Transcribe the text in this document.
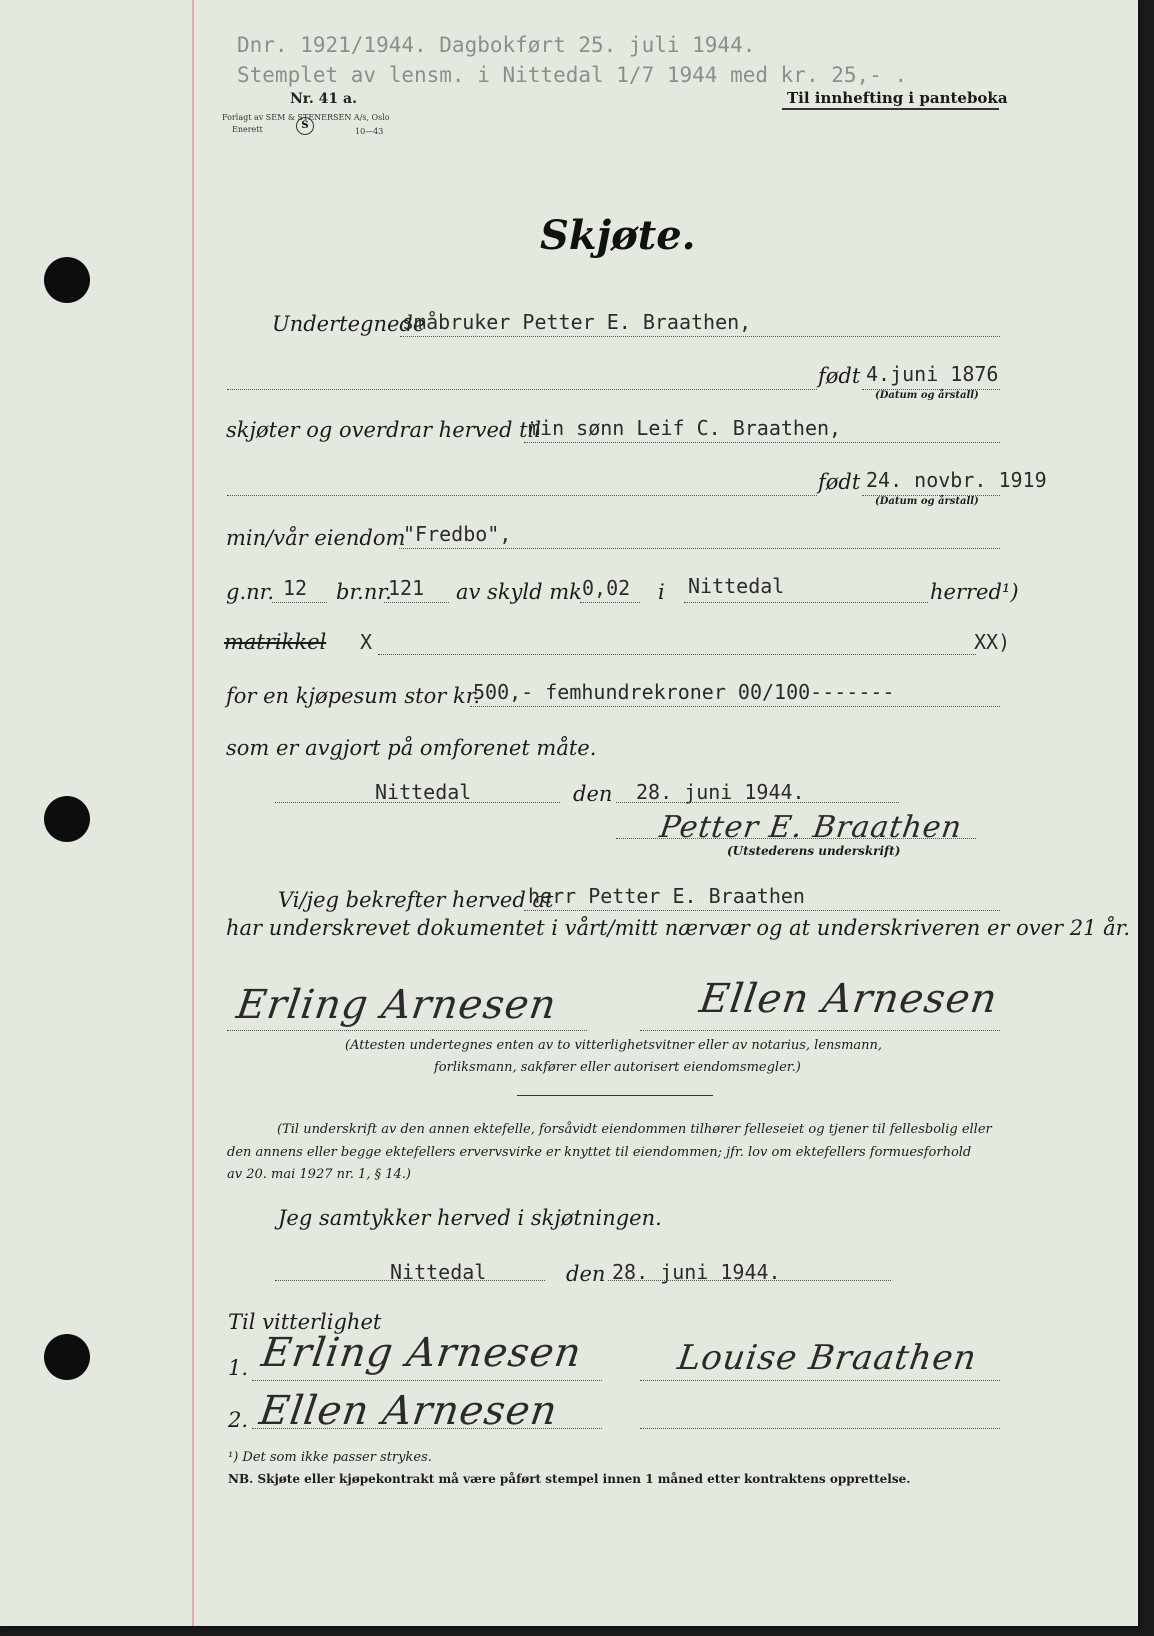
Dnr. 1921/1944. Dagbokført 25. juli 1944.
Stemplet av lensm. i Nittedal 1/7 1944 med kr. 25,- .
Nr. 41 a.
Forlagt av SEM & STENERSEN A/s, Oslo
Enerett	S
10—43
Til innhefting i panteboka
Skjøte.
Undertegnede
småbruker Petter E. Braathen,
født 4.juni 1876
(Datum og årstall)
skjøter og overdrar herved til
min sønn Leif C. Braathen,
født 24. novbr. 1919
(Datum og årstall)
min/vår eiendom
"Fredbo",
g.nr. 12 br.nr.
121 av skyld mk 0,02 i Nittedal	herred¹)
matrikkel X	XX)
for en kjøpesum stor kr.
500,- femhundrekroner 00/100-------
som er avgjort på omforenet måte.
Nittedal	den 28. juni 1944.
Petter E. Braathen
(Utstederens underskrift)
Vi/jeg bekrefter herved at
herr Petter E. Braathen
har underskrevet dokumentet i vårt/mitt nærvær og at underskriveren er over 21 år.
Erling Arnesen	Ellen Arnesen
(Attesten undertegnes enten av to vitterlighetsvitner eller av notarius, lensmann,
forliksmann, sakfører eller autorisert eiendomsmegler.)
(Til underskrift av den annen ektefelle, forsåvidt eiendommen tilhører felleseiet og tjener til fellesbolig eller
den annens eller begge ektefellers ervervsvirke er knyttet til eiendommen; jfr. lov om ektefellers formuesforhold
av 20. mai 1927 nr. 1, § 14.)
Jeg samtykker herved i skjøtningen.
Nittedal	den 28. juni 1944.
Til vitterlighet
1. Erling Arnesen	Louise Braathen
2. Ellen Arnesen
¹) Det som ikke passer strykes.
NB. Skjøte eller kjøpekontrakt må være påført stempel innen 1 måned etter kontraktens opprettelse.
